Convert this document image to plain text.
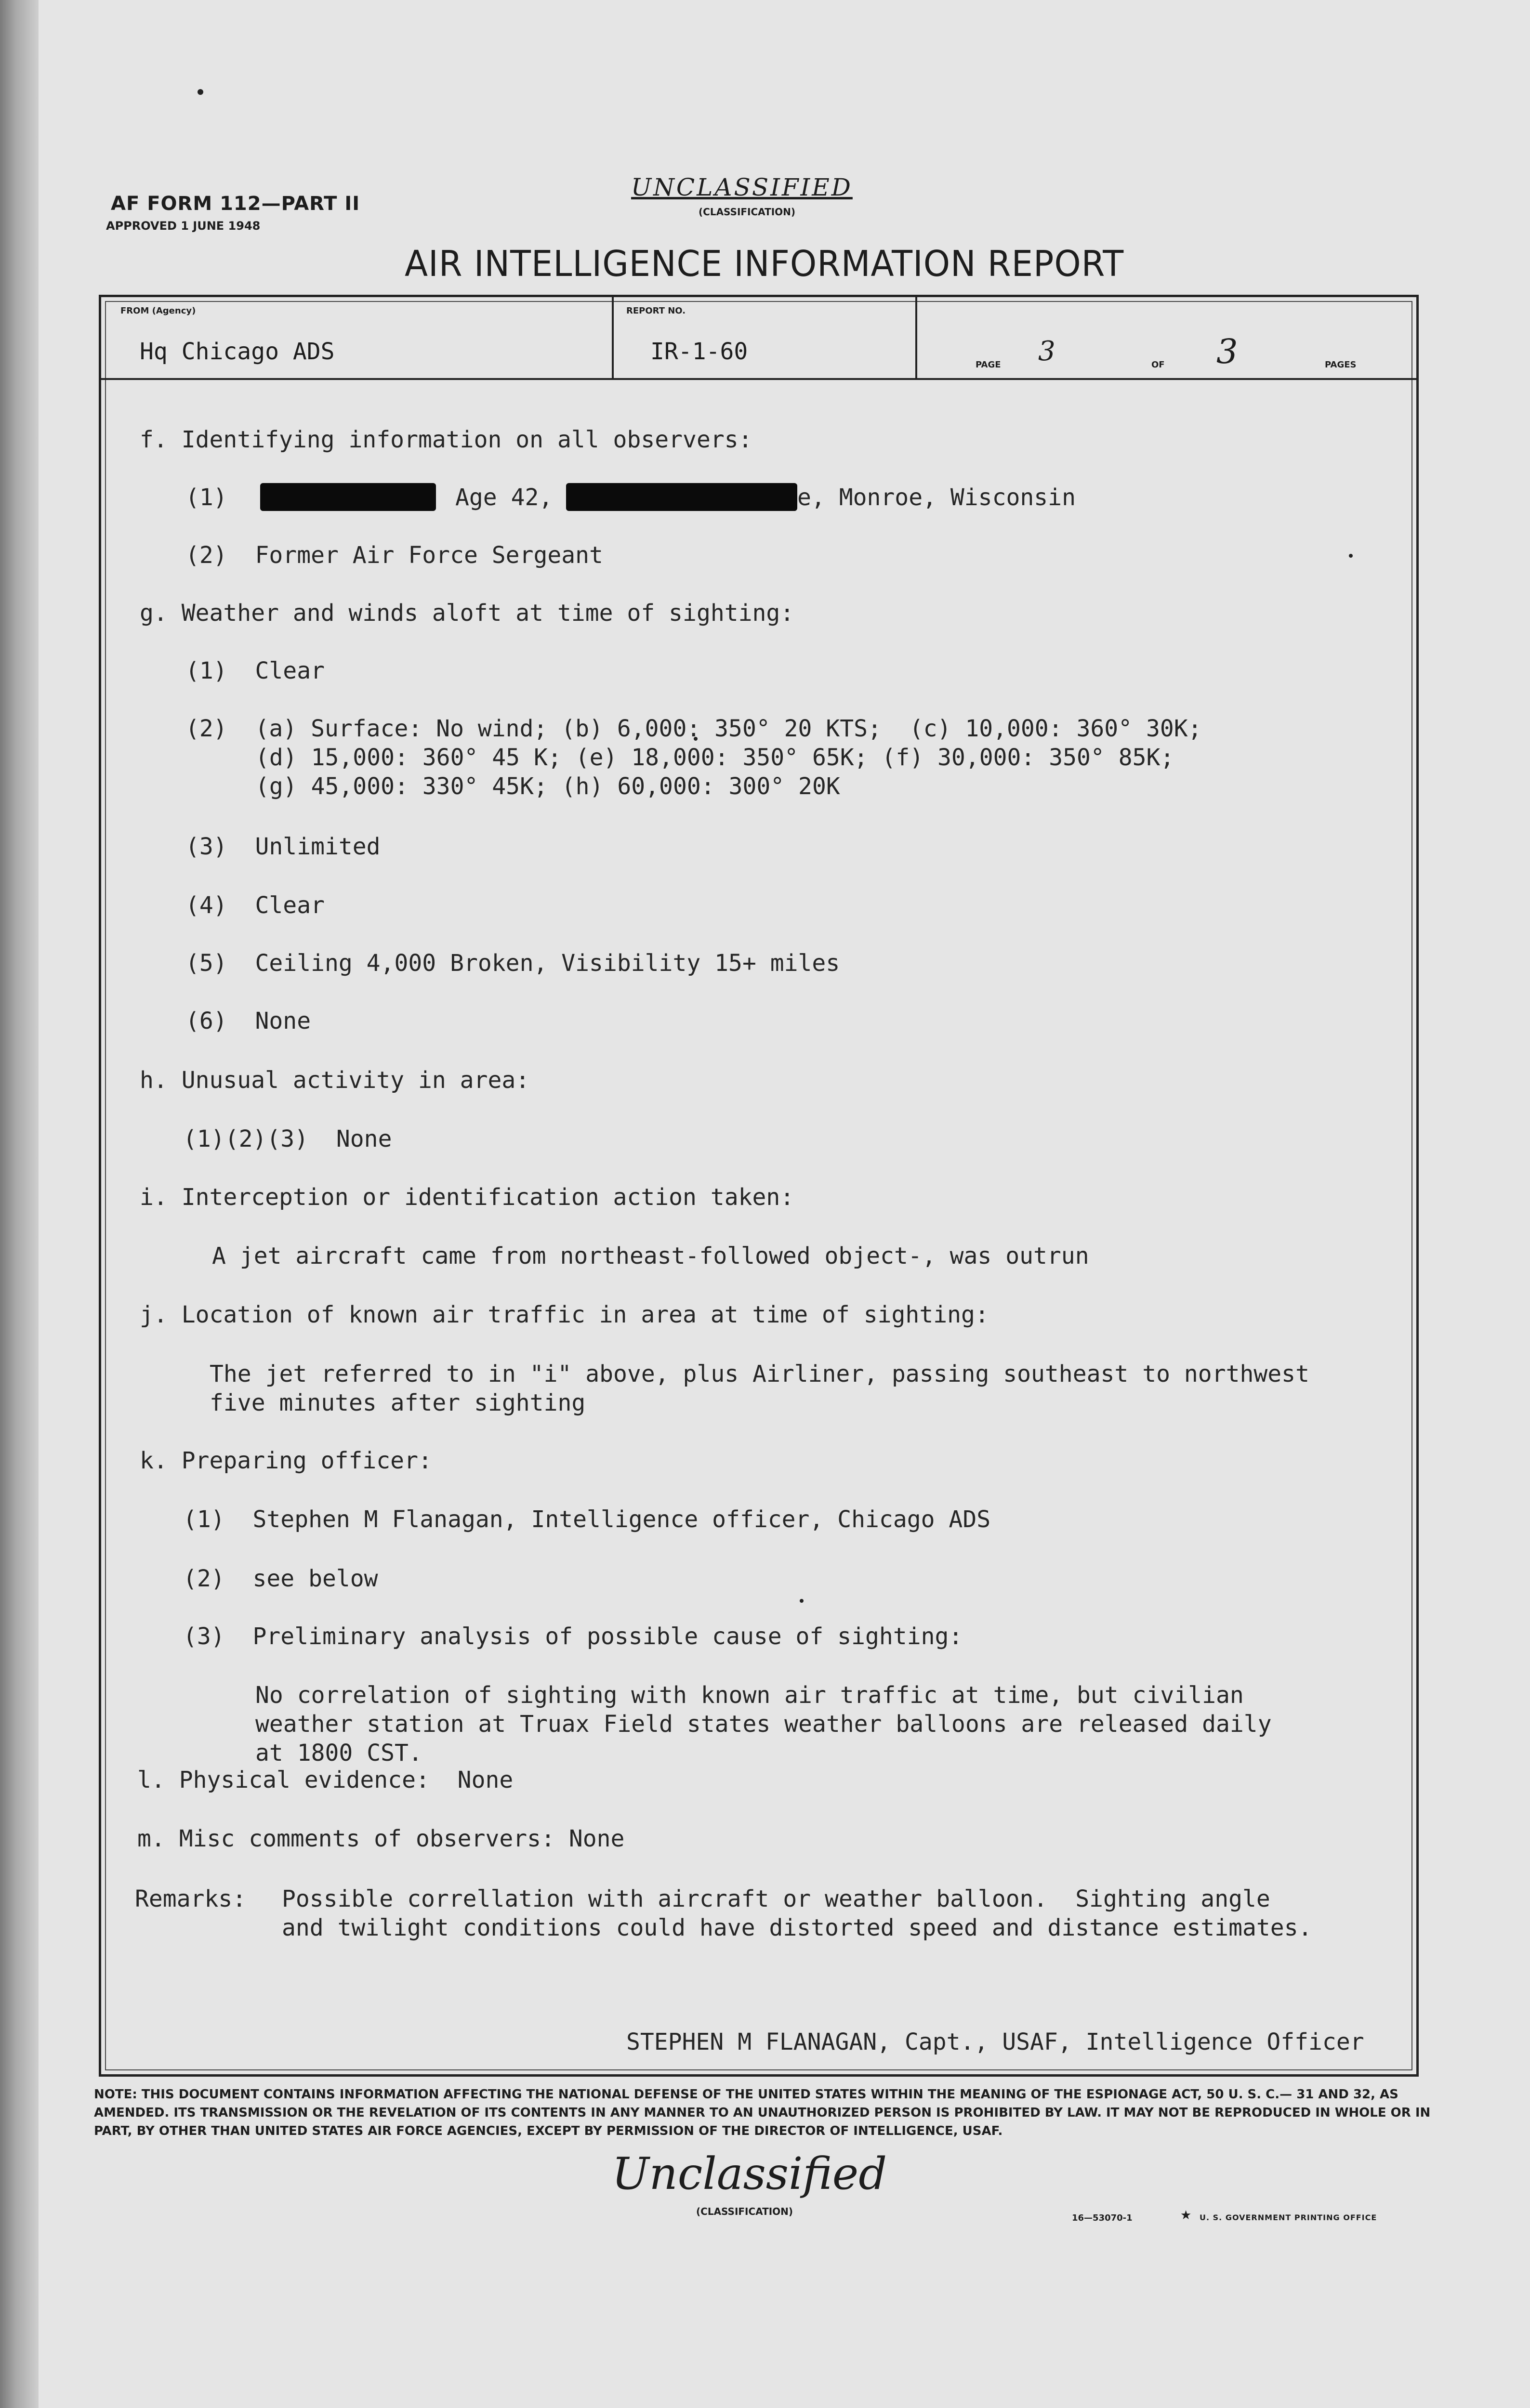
AF FORM 112—PART II
APPROVED 1 JUNE 1948
UNCLASSIFIED
(CLASSIFICATION)
AIR INTELLIGENCE INFORMATION REPORT
FROM (Agency)
Hq Chicago ADS
REPORT NO.
IR-1-60	PAGE 3	OF 3	PAGES
f. Identifying information on all observers:
(1)	Age 42,	e, Monroe, Wisconsin
(2)  Former Air Force Sergeant
g. Weather and winds aloft at time of sighting:
(1)  Clear
(2)  (a) Surface: No wind; (b) 6,000: 350° 20 KTS;  (c) 10,000: 360° 30K;
(d) 15,000: 360° 45 K; (e) 18,000: 350° 65K; (f) 30,000: 350° 85K;
(g) 45,000: 330° 45K; (h) 60,000: 300° 20K
(3)  Unlimited
(4)  Clear
(5)  Ceiling 4,000 Broken, Visibility 15+ miles
(6)  None
h. Unusual activity in area:
(1)(2)(3)  None
i. Interception or identification action taken:
A jet aircraft came from northeast-followed object-, was outrun
j. Location of known air traffic in area at time of sighting:
The jet referred to in "i" above, plus Airliner, passing southeast to northwest
five minutes after sighting
k. Preparing officer:
(1)  Stephen M Flanagan, Intelligence officer, Chicago ADS
(2)  see below
(3)  Preliminary analysis of possible cause of sighting:
No correlation of sighting with known air traffic at time, but civilian
weather station at Truax Field states weather balloons are released daily
at 1800 CST.
l. Physical evidence:  None
m. Misc comments of observers: None
Remarks: Possible correllation with aircraft or weather balloon.  Sighting angle
and twilight conditions could have distorted speed and distance estimates.
STEPHEN M FLANAGAN, Capt., USAF, Intelligence Officer
NOTE: THIS DOCUMENT CONTAINS INFORMATION AFFECTING THE NATIONAL DEFENSE OF THE UNITED STATES WITHIN THE MEANING OF THE ESPIONAGE ACT, 50 U. S. C.— 31 AND 32, AS AMENDED. ITS TRANSMISSION OR THE REVELATION OF ITS CONTENTS IN ANY MANNER TO AN UNAUTHORIZED PERSON IS PROHIBITED BY LAW. IT MAY NOT BE REPRODUCED IN WHOLE OR IN PART, BY OTHER THAN UNITED STATES AIR FORCE AGENCIES, EXCEPT BY PERMISSION OF THE DIRECTOR OF INTELLIGENCE, USAF.
Unclassified
(CLASSIFICATION)
16—53070-1	★ U. S. GOVERNMENT PRINTING OFFICE
